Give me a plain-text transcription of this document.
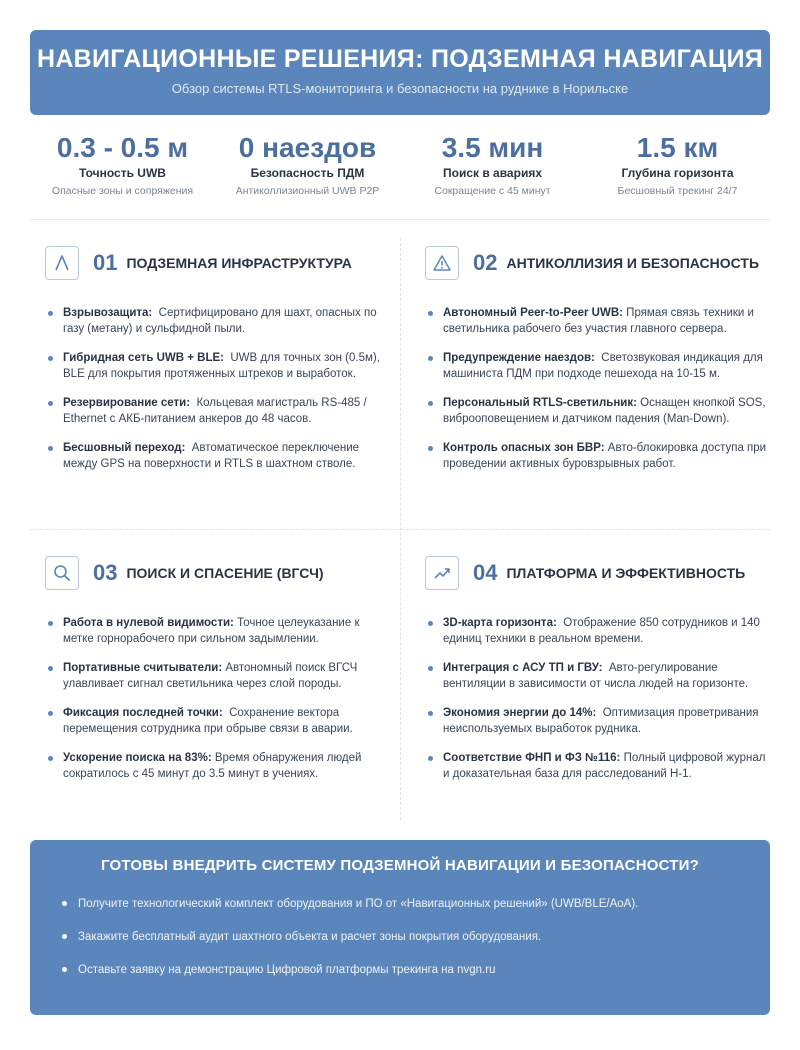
НАВИГАЦИОННЫЕ РЕШЕНИЯ: ПОДЗЕМНАЯ НАВИГАЦИЯ
Обзор системы RTLS-мониторинга и безопасности на руднике в Норильске
0.3 - 0.5 м
Точность UWB
Опасные зоны и сопряжения
0 наездов
Безопасность ПДМ
Антиколлизионный UWB P2P
3.5 мин
Поиск в авариях
Сокращение с 45 минут
1.5 км
Глубина горизонта
Бесшовный трекинг 24/7
01 ПОДЗЕМНАЯ ИНФРАСТРУКТУРА
Взрывозащита: Сертифицировано для шахт, опасных по газу (метану) и сульфидной пыли.
Гибридная сеть UWB + BLE: UWB для точных зон (0.5м), BLE для покрытия протяженных штреков и выработок.
Резервирование сети: Кольцевая магистраль RS-485 / Ethernet с АКБ-питанием анкеров до 48 часов.
Бесшовный переход: Автоматическое переключение между GPS на поверхности и RTLS в шахтном стволе.
02 АНТИКОЛЛИЗИЯ И БЕЗОПАСНОСТЬ
Автономный Peer-to-Peer UWB: Прямая связь техники и светильника рабочего без участия главного сервера.
Предупреждение наездов: Светозвуковая индикация для машиниста ПДМ при подходе пешехода на 10-15 м.
Персональный RTLS-светильник: Оснащен кнопкой SOS, виброоповещением и датчиком падения (Man-Down).
Контроль опасных зон БВР: Авто-блокировка доступа при проведении активных буровзрывных работ.
03 ПОИСК И СПАСЕНИЕ (ВГСЧ)
Работа в нулевой видимости: Точное целеуказание к метке горнорабочего при сильном задымлении.
Портативные считыватели: Автономный поиск ВГСЧ улавливает сигнал светильника через слой породы.
Фиксация последней точки: Сохранение вектора перемещения сотрудника при обрыве связи в аварии.
Ускорение поиска на 83%: Время обнаружения людей сократилось с 45 минут до 3.5 минут в учениях.
04 ПЛАТФОРМА И ЭФФЕКТИВНОСТЬ
3D-карта горизонта: Отображение 850 сотрудников и 140 единиц техники в реальном времени.
Интеграция с АСУ ТП и ГВУ: Авто-регулирование вентиляции в зависимости от числа людей на горизонте.
Экономия энергии до 14%: Оптимизация проветривания неиспользуемых выработок рудника.
Соответствие ФНП и ФЗ №116: Полный цифровой журнал и доказательная база для расследований Н-1.
ГОТОВЫ ВНЕДРИТЬ СИСТЕМУ ПОДЗЕМНОЙ НАВИГАЦИИ И БЕЗОПАСНОСТИ?
Получите технологический комплект оборудования и ПО от «Навигационных решений» (UWB/BLE/AoA).
Закажите бесплатный аудит шахтного объекта и расчет зоны покрытия оборудования.
Оставьте заявку на демонстрацию Цифровой платформы трекинга на nvgn.ru
